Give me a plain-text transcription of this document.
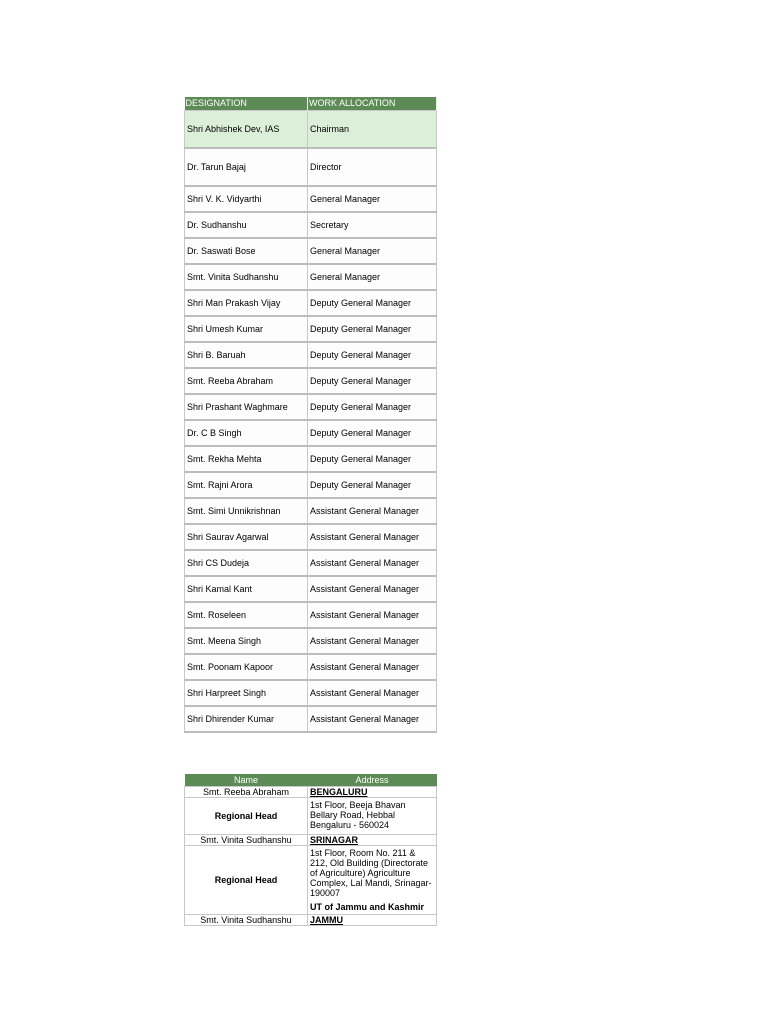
DESIGNATION	WORK ALLOCATION
Shri Abhishek Dev, IAS	Chairman
Dr. Tarun Bajaj	Director
Shri V. K. Vidyarthi	General Manager
Dr. Sudhanshu	Secretary
Dr. Saswati Bose	General Manager
Smt. Vinita Sudhanshu	General Manager
Shri Man Prakash Vijay	Deputy General Manager
Shri Umesh Kumar	Deputy General Manager
Shri B. Baruah	Deputy General Manager
Smt. Reeba Abraham	Deputy General Manager
Shri Prashant Waghmare	Deputy General Manager
Dr. C B Singh	Deputy General Manager
Smt. Rekha Mehta	Deputy General Manager
Smt. Rajni Arora	Deputy General Manager
Smt. Simi Unnikrishnan	Assistant General Manager
Shri Saurav Agarwal	Assistant General Manager
Shri CS Dudeja	Assistant General Manager
Shri Kamal Kant	Assistant General Manager
Smt. Roseleen	Assistant General Manager
Smt. Meena Singh	Assistant General Manager
Smt. Poonam Kapoor	Assistant General Manager
Shri Harpreet Singh	Assistant General Manager
Shri Dhirender Kumar	Assistant General Manager
Name	Address
Smt. Reeba Abraham	BENGALURU
Regional Head	1st Floor, Beeja Bhavan Bellary Road, Hebbal Bengaluru - 560024

Smt. Vinita Sudhanshu	SRINAGAR
Regional Head	1st Floor, Room No. 211 & 212, Old Building (Directorate of Agriculture) Agriculture Complex, Lal Mandi, Srinagar-190007
UT of Jammu and Kashmir

Smt. Vinita Sudhanshu	JAMMU
